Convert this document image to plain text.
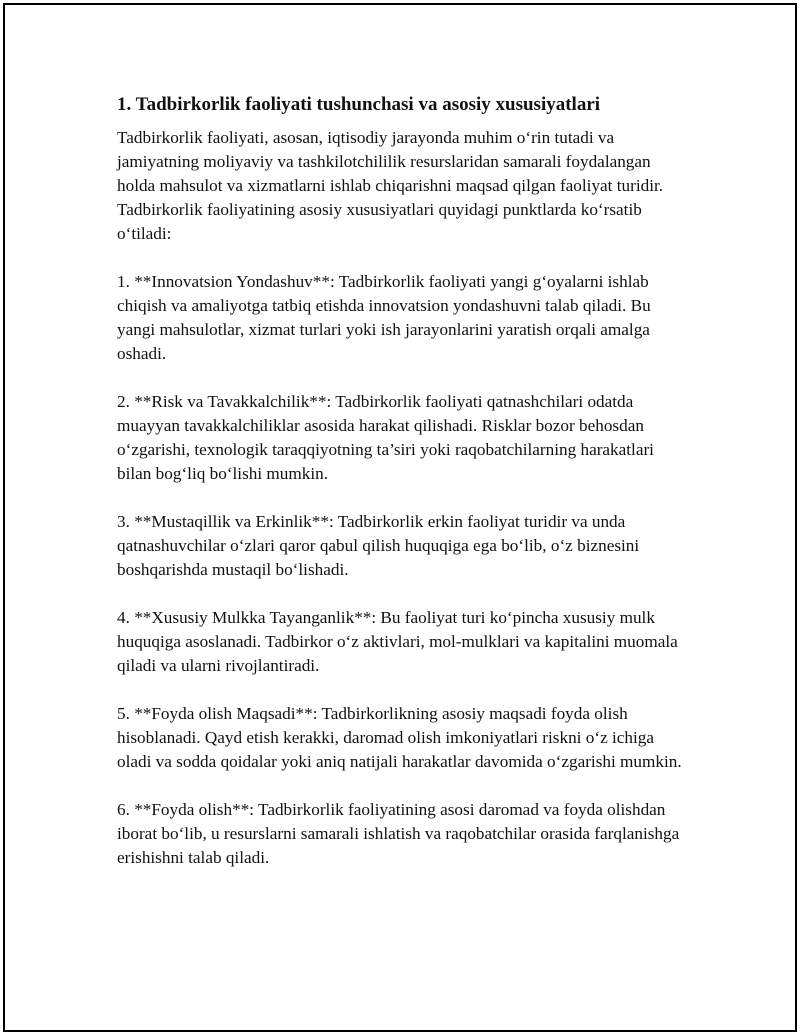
1. Tadbirkorlik faoliyati tushunchasi va asosiy xususiyatlari

Tadbirkorlik faoliyati, asosan, iqtisodiy jarayonda muhim o‘rin tutadi va jamiyatning moliyaviy va tashkilotchililik resurslaridan samarali foydalangan holda mahsulot va xizmatlarni ishlab chiqarishni maqsad qilgan faoliyat turidir. Tadbirkorlik faoliyatining asosiy xususiyatlari quyidagi punktlarda ko‘rsatib o‘tiladi:

1. **Innovatsion Yondashuv**: Tadbirkorlik faoliyati yangi g‘oyalarni ishlab chiqish va amaliyotga tatbiq etishda innovatsion yondashuvni talab qiladi. Bu yangi mahsulotlar, xizmat turlari yoki ish jarayonlarini yaratish orqali amalga oshadi.

2. **Risk va Tavakkalchilik**: Tadbirkorlik faoliyati qatnashchilari odatda muayyan tavakkalchiliklar asosida harakat qilishadi. Risklar bozor behosdan o‘zgarishi, texnologik taraqqiyotning ta’siri yoki raqobatchilarning harakatlari bilan bog‘liq bo‘lishi mumkin.

3. **Mustaqillik va Erkinlik**: Tadbirkorlik erkin faoliyat turidir va unda qatnashuvchilar o‘zlari qaror qabul qilish huquqiga ega bo‘lib, o‘z biznesini boshqarishda mustaqil bo‘lishadi.

4. **Xususiy Mulkka Tayanganlik**: Bu faoliyat turi ko‘pincha xususiy mulk huquqiga asoslanadi. Tadbirkor o‘z aktivlari, mol-mulklari va kapitalini muomala qiladi va ularni rivojlantiradi.

5. **Foyda olish Maqsadi**: Tadbirkorlikning asosiy maqsadi foyda olish hisoblanadi. Qayd etish kerakki, daromad olish imkoniyatlari riskni o‘z ichiga oladi va sodda qoidalar yoki aniq natijali harakatlar davomida o‘zgarishi mumkin.

6. **Foyda olish**: Tadbirkorlik faoliyatining asosi daromad va foyda olishdan iborat bo‘lib, u resurslarni samarali ishlatish va raqobatchilar orasida farqlanishga erishishni talab qiladi.
